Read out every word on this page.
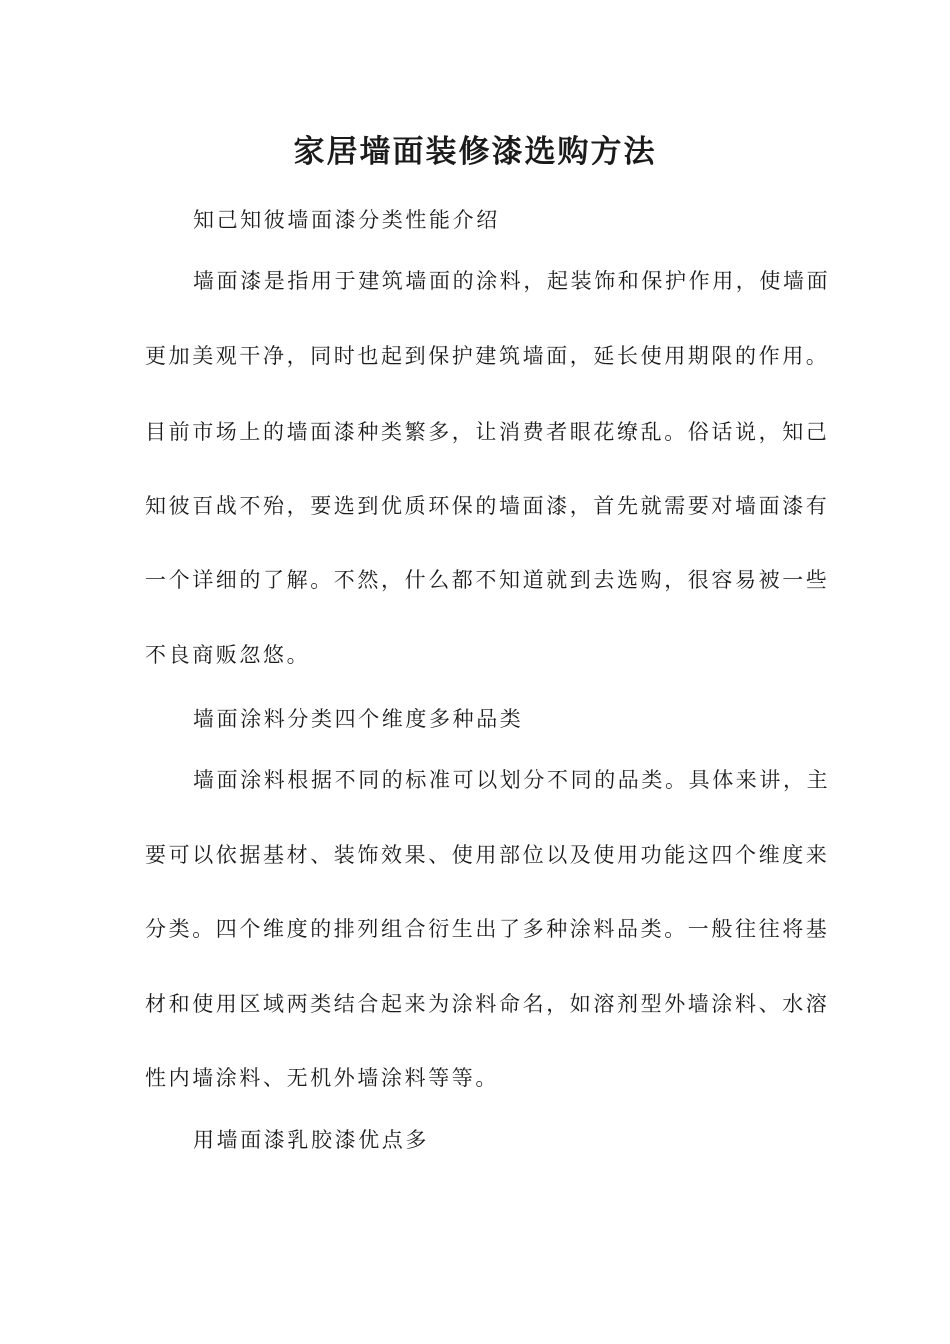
家居墙面装修漆选购方法

知己知彼墙面漆分类性能介绍

墙面漆是指用于建筑墙面的涂料，起装饰和保护作用，使墙面

更加美观干净，同时也起到保护建筑墙面，延长使用期限的作用。

目前市场上的墙面漆种类繁多，让消费者眼花缭乱。俗话说，知己

知彼百战不殆，要选到优质环保的墙面漆，首先就需要对墙面漆有

一个详细的了解。不然，什么都不知道就到去选购，很容易被一些

不良商贩忽悠。

墙面涂料分类四个维度多种品类

墙面涂料根据不同的标准可以划分不同的品类。具体来讲，主

要可以依据基材、装饰效果、使用部位以及使用功能这四个维度来

分类。四个维度的排列组合衍生出了多种涂料品类。一般往往将基

材和使用区域两类结合起来为涂料命名，如溶剂型外墙涂料、水溶

性内墙涂料、无机外墙涂料等等。

用墙面漆乳胶漆优点多
